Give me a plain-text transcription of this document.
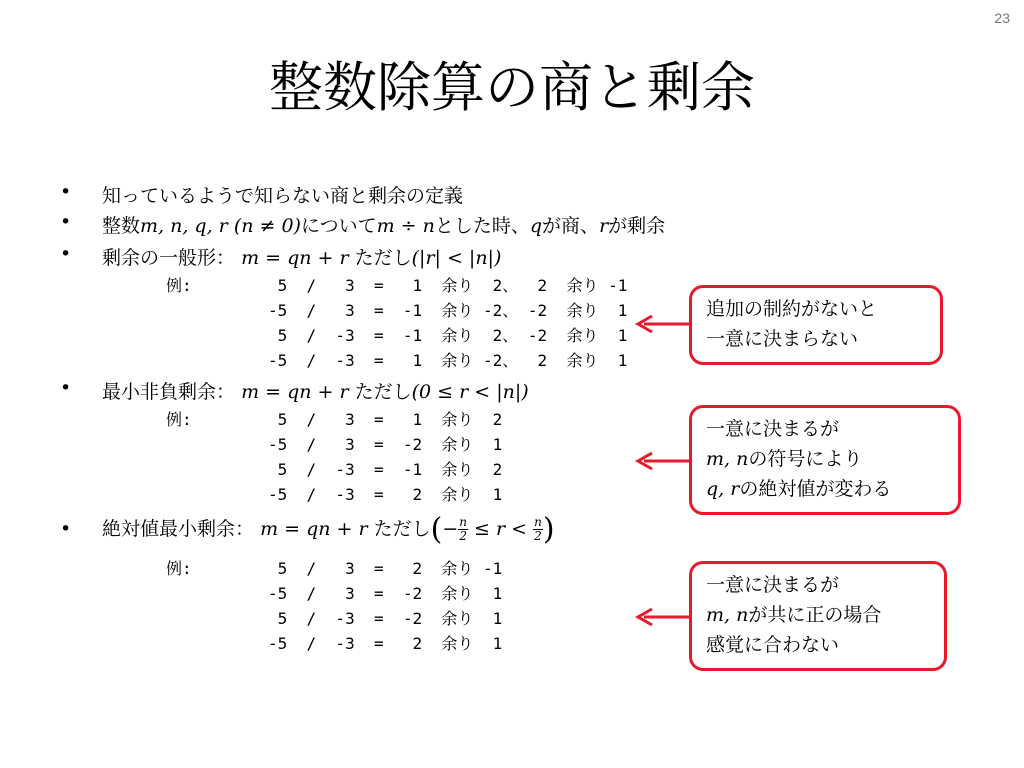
23
整数除算の商と剰余
• 知っているようで知らない商と剰余の定義
• 整数m, n, q, r (n ≠ 0)についてm ÷ nとした時、qが商、rが剰余
• 剰余の一般形： m = qn + r ただし(|r| < |n|)
例:	5  /   3  =   1  余り  2、  2  余り -1
-5  /   3  =  -1  余り -2、 -2  余り  1
5  /  -3  =  -1  余り  2、 -2  余り  1
-5  /  -3  =   1  余り -2、  2  余り  1
• 最小非負剰余： m = qn + r ただし(0 ≤ r < |n|)
例:	5  /   3  =   1  余り  2
-5  /   3  =  -2  余り  1
5  /  -3  =  -1  余り  2
-5  /  -3  =   2  余り  1
• 絶対値最小剰余： m = qn + r ただし(− $\frac{n}{2} \le r < \frac{n}{2}$ )
例:	5  /   3  =   2  余り -1
-5  /   3  =  -2  余り  1
5  /  -3  =  -2  余り  1
-5  /  -3  =   2  余り  1
追加の制約がないと
一意に決まらない
一意に決まるが
m, nの符号により
q, rの絶対値が変わる
一意に決まるが
m, nが共に正の場合
感覚に合わない
